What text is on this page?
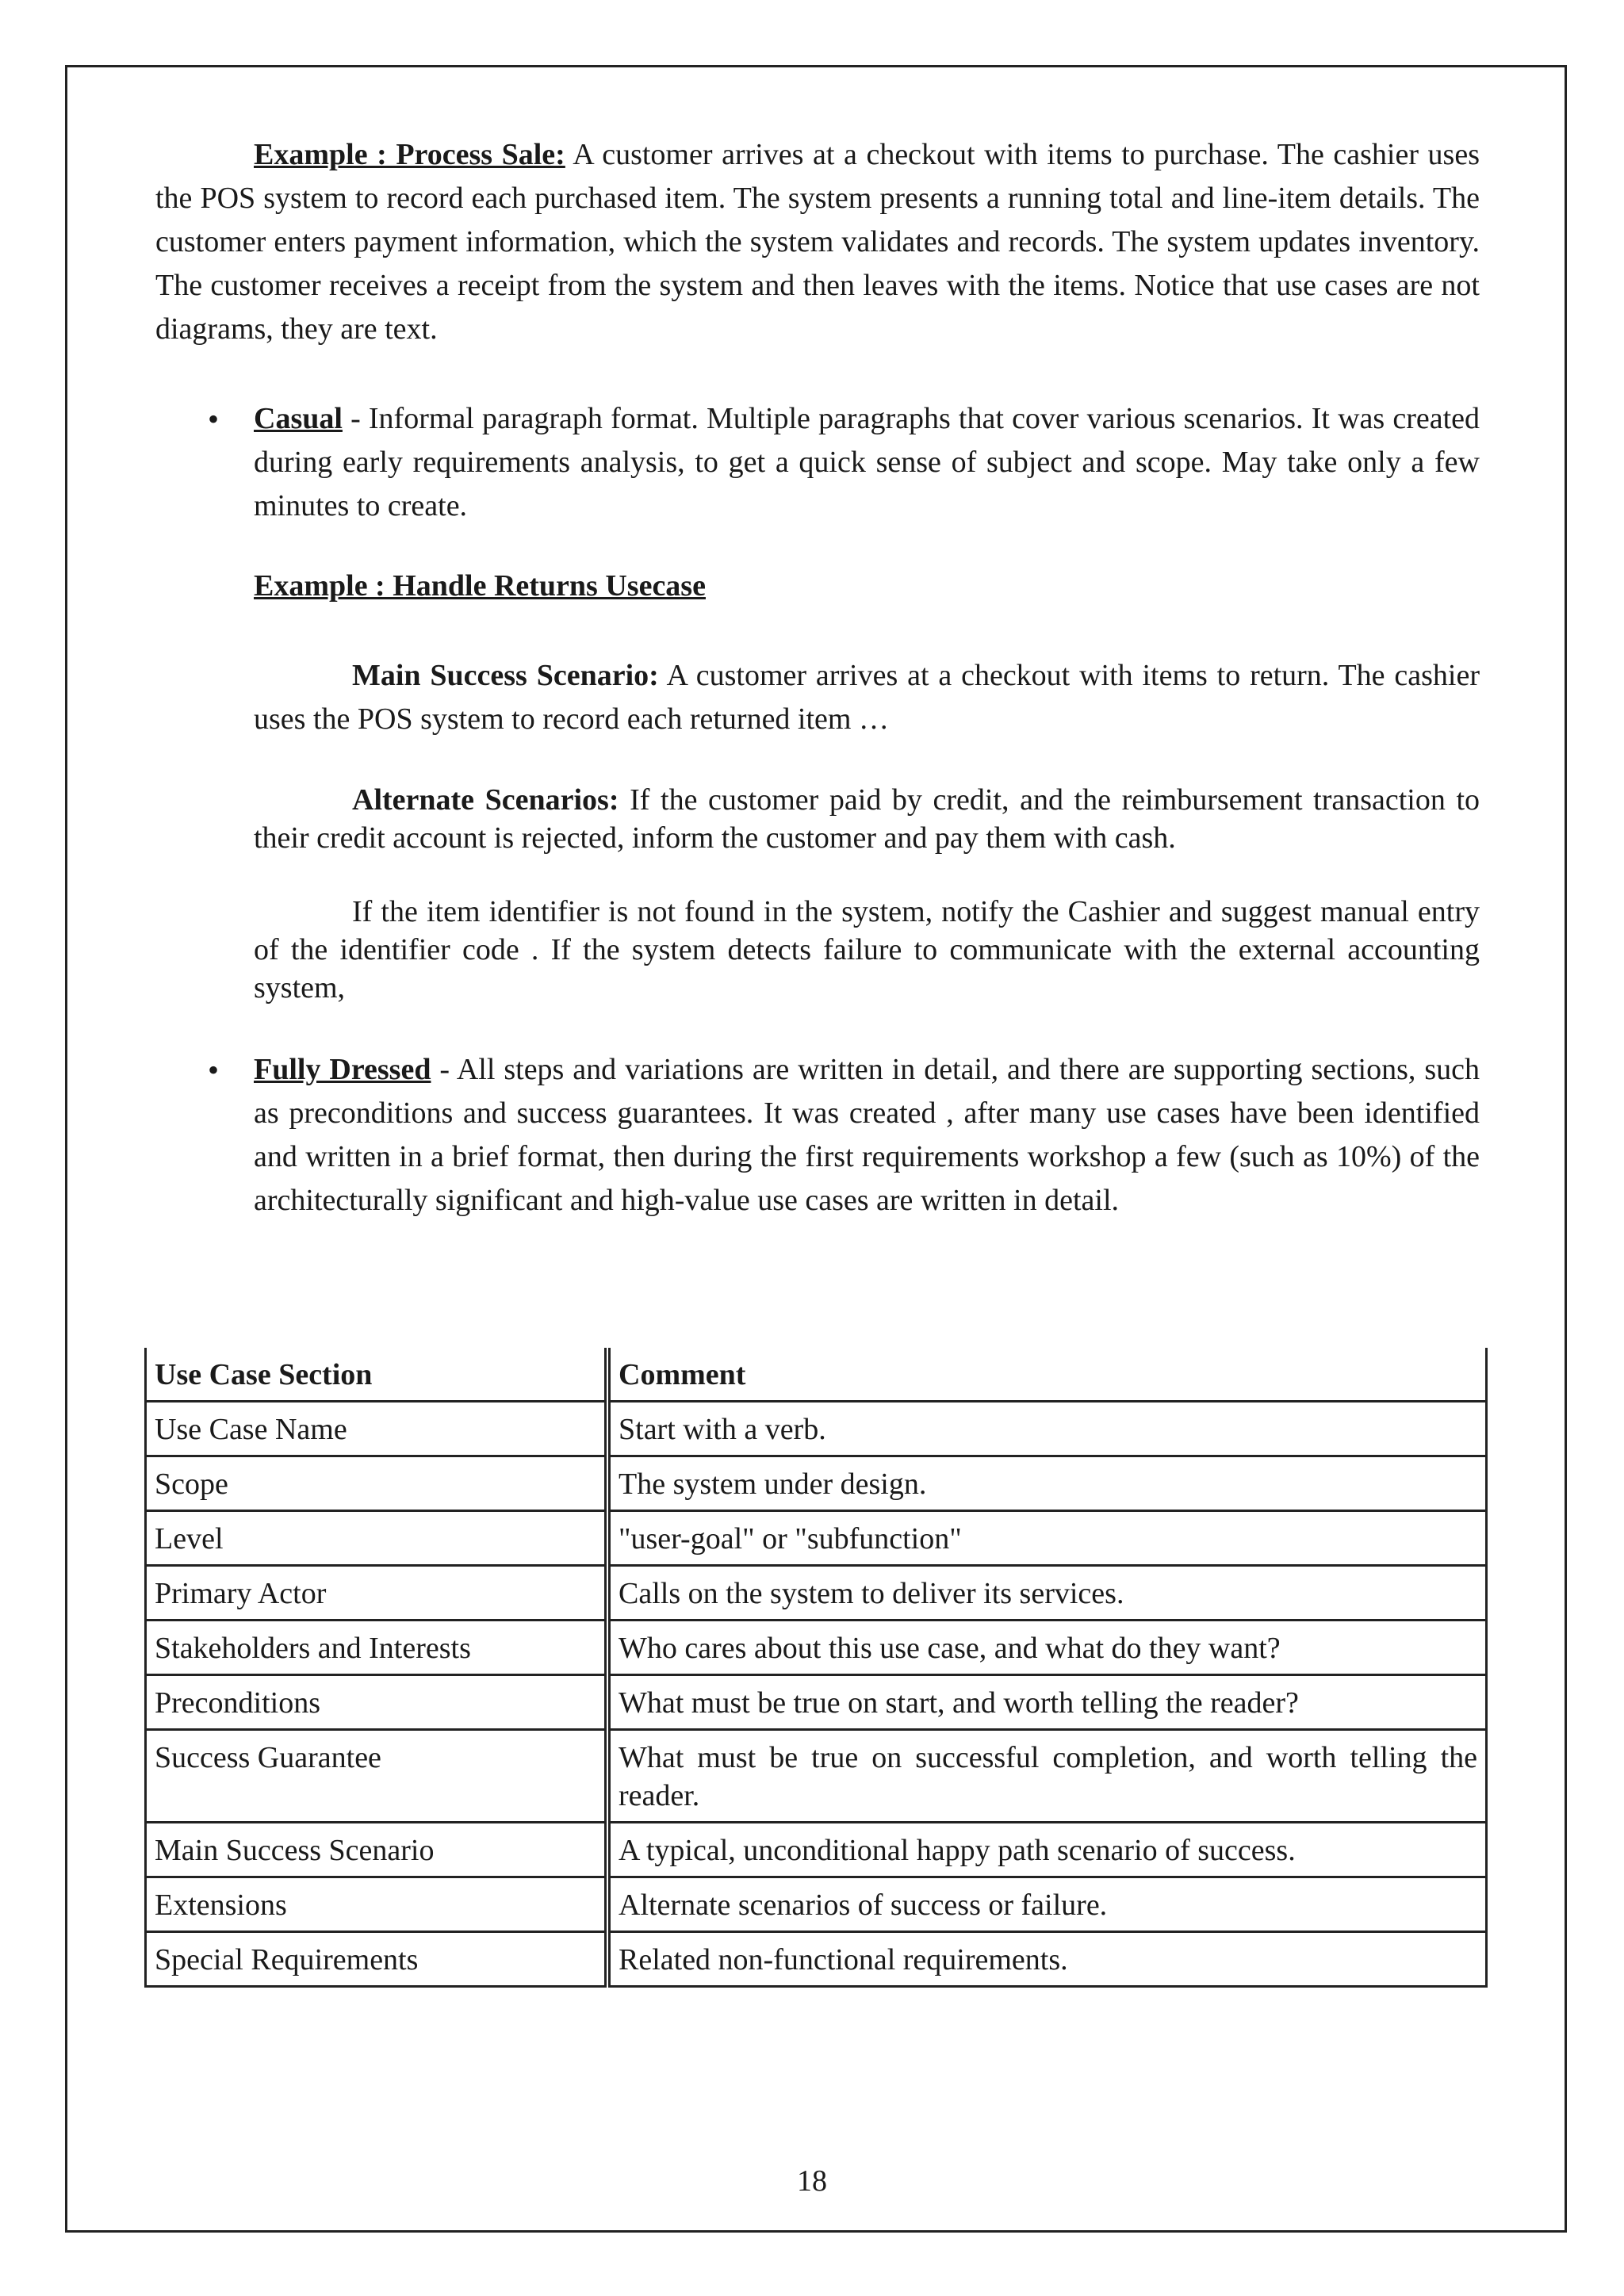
Example : Process Sale: A customer arrives at a checkout with items to purchase. The cashier uses the POS system to record each purchased item. The system presents a running total and line-item details. The customer enters payment information, which the system validates and records. The system updates inventory. The customer receives a receipt from the system and then leaves with the items. Notice that use cases are not diagrams, they are text.

• Casual - Informal paragraph format. Multiple paragraphs that cover various scenarios. It was created during early requirements analysis, to get a quick sense of subject and scope. May take only a few minutes to create.

Example : Handle Returns Usecase

Main Success Scenario: A customer arrives at a checkout with items to return. The cashier uses the POS system to record each returned item …

Alternate Scenarios: If the customer paid by credit, and the reimbursement transaction to their credit account is rejected, inform the customer and pay them with cash.

If the item identifier is not found in the system, notify the Cashier and suggest manual entry of the identifier code . If the system detects failure to communicate with the external accounting system,

• Fully Dressed - All steps and variations are written in detail, and there are supporting sections, such as preconditions and success guarantees. It was created , after many use cases have been identified and written in a brief format, then during the first requirements workshop a few (such as 10%) of the architecturally significant and high-value use cases are written in detail.

Use Case Section	Comment
Use Case Name	Start with a verb.
Scope	The system under design.
Level	"user-goal" or "subfunction"
Primary Actor	Calls on the system to deliver its services.
Stakeholders and Interests	Who cares about this use case, and what do they want?
Preconditions	What must be true on start, and worth telling the reader?
Success Guarantee	What must be true on successful completion, and worth telling the reader.
Main Success Scenario	A typical, unconditional happy path scenario of success.
Extensions	Alternate scenarios of success or failure.
Special Requirements	Related non-functional requirements.
18
